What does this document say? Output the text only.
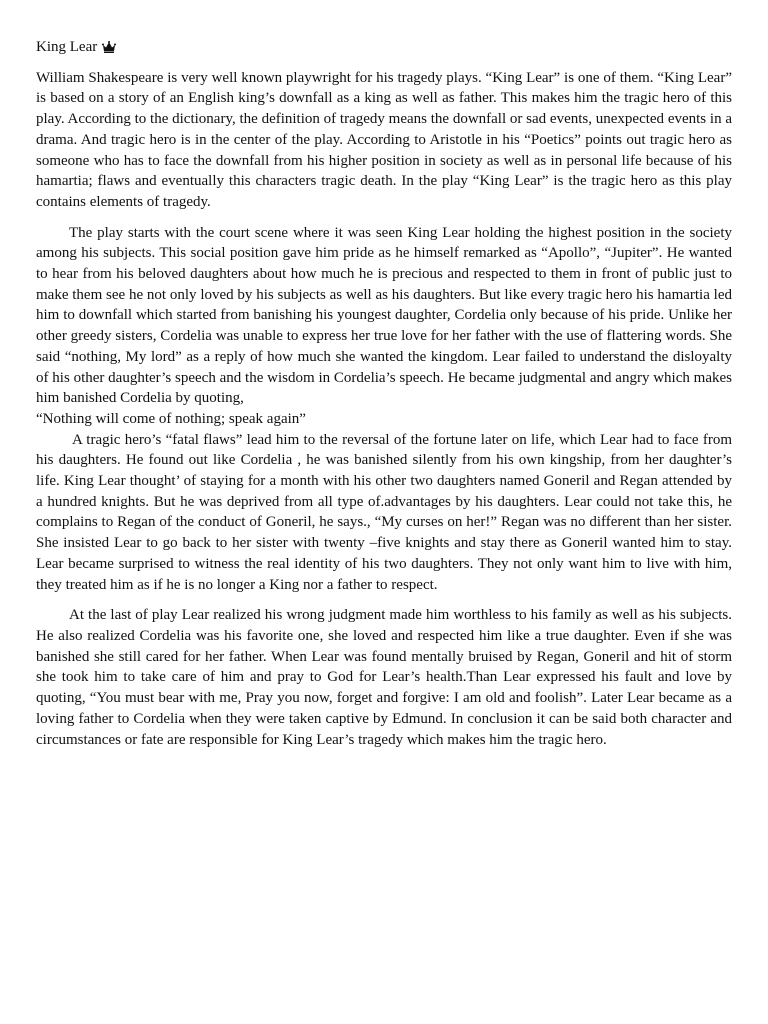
King Lear

William Shakespeare is very well known playwright for his tragedy plays. “King Lear” is one of them. “King Lear” is based on a story of an English king’s downfall as a king as well as father. This makes him the tragic hero of this play. According to the dictionary, the definition of tragedy means the downfall or sad events, unexpected events in a drama. And tragic hero is in the center of the play. According to Aristotle in his “Poetics” points out tragic hero as someone who has to face the downfall from his higher position in society as well as in personal life because of his hamartia; flaws and eventually this characters tragic death. In the play “King Lear” is the tragic hero as this play contains elements of tragedy.

The play starts with the court scene where it was seen King Lear holding the highest position in the society among his subjects. This social position gave him pride as he himself remarked as “Apollo”, “Jupiter”. He wanted to hear from his beloved daughters about how much he is precious and respected to them in front of public just to make them see he not only loved by his subjects as well as his daughters. But like every tragic hero his hamartia led him to downfall which started from banishing his youngest daughter, Cordelia only because of his pride. Unlike her other greedy sisters, Cordelia was unable to express her true love for her father with the use of flattering words. She said “nothing, My lord” as a reply of how much she wanted the kingdom. Lear failed to understand the disloyalty of his other daughter’s speech and the wisdom in Cordelia’s speech. He became judgmental and angry which makes him banished Cordelia by quoting,

“Nothing will come of nothing; speak again”

A tragic hero’s “fatal flaws” lead him to the reversal of the fortune later on life, which Lear had to face from his daughters. He found out like Cordelia , he was banished silently from his own kingship, from her daughter’s life. King Lear thought’ of staying for a month with his other two daughters named Goneril and Regan attended by a hundred knights. But he was deprived from all type of.advantages by his daughters. Lear could not take this, he complains to Regan of the conduct of Goneril, he says., “My curses on her!” Regan was no different than her sister. She insisted Lear to go back to her sister with twenty –five knights and stay there as Goneril wanted him to stay. Lear became surprised to witness the real identity of his two daughters. They not only want him to live with him, they treated him as if he is no longer a King nor a father to respect.

At the last of play Lear realized his wrong judgment made him worthless to his family as well as his subjects. He also realized Cordelia was his favorite one, she loved and respected him like a true daughter. Even if she was banished she still cared for her father. When Lear was found mentally bruised by Regan, Goneril and hit of storm she took him to take care of him and pray to God for Lear’s health.Than Lear expressed his fault and love by quoting, “You must bear with me, Pray you now, forget and forgive: I am old and foolish”. Later Lear became as a loving father to Cordelia when they were taken captive by Edmund. In conclusion it can be said both character and circumstances or fate are responsible for King Lear’s tragedy which makes him the tragic hero.
